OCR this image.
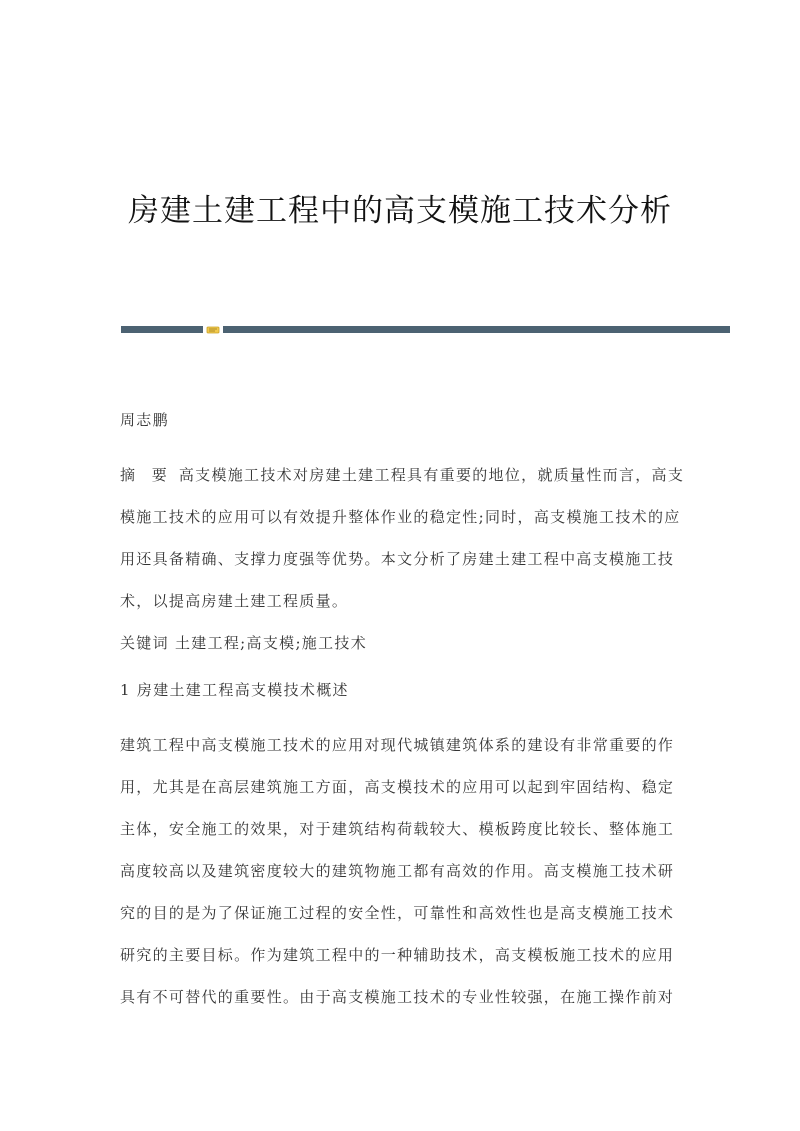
房建土建工程中的高支模施工技术分析

周志鹏

摘 要 高支模施工技术对房建土建工程具有重要的地位，就质量性而言，高支
模施工技术的应用可以有效提升整体作业的稳定性;同时，高支模施工技术的应
用还具备精确、支撑力度强等优势。本文分析了房建土建工程中高支模施工技
术，以提高房建土建工程质量。

关键词 土建工程;高支模;施工技术

1 房建土建工程高支模技术概述

建筑工程中高支模施工技术的应用对现代城镇建筑体系的建设有非常重要的作
用，尤其是在高层建筑施工方面，高支模技术的应用可以起到牢固结构、稳定
主体，安全施工的效果，对于建筑结构荷载较大、模板跨度比较长、整体施工
高度较高以及建筑密度较大的建筑物施工都有高效的作用。高支模施工技术研
究的目的是为了保证施工过程的安全性，可靠性和高效性也是高支模施工技术
研究的主要目标。作为建筑工程中的一种辅助技术，高支模板施工技术的应用
具有不可替代的重要性。由于高支模施工技术的专业性较强，在施工操作前对
